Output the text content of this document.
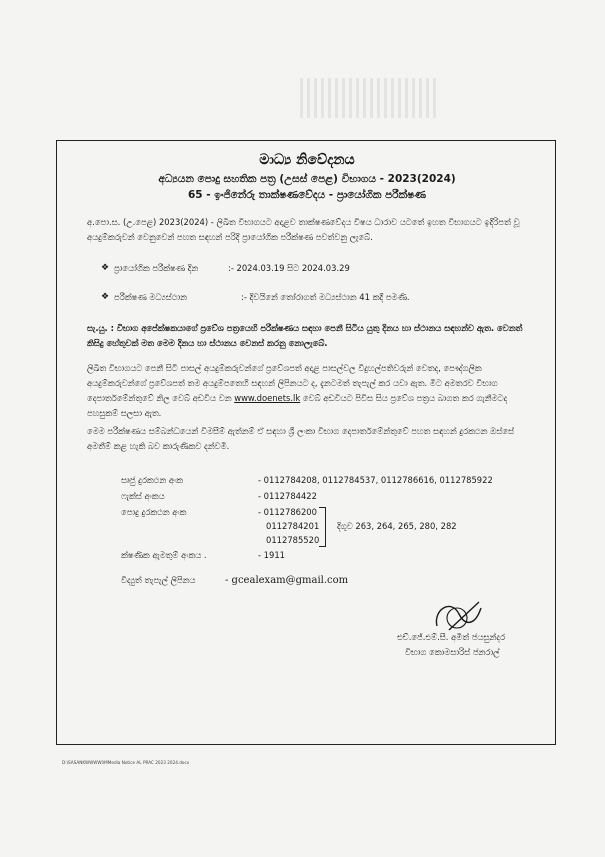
මාධ්‍ය නිවේදනය
අධ්‍යයන පොදු සහතික පත්‍ර (උසස් පෙළ) විභාගය - 2023(2024)
65 - ඉංජිනේරු තාක්ෂණවේදය - ප්‍රායෝගික පරීක්ෂණ
අ.පො.ස. (උ.පෙළ) 2023(2024) - ලිඛිත විභාගයට අදාළව තාක්ෂණවේදය විෂය ධාරාව යටතේ ඉහත විභාගයට ඉදිරිපත් වූ අයදුම්කරුවන් වෙනුවෙන් පහත සඳහන් පරිදි ප්‍රායෝගික පරීක්ෂණ පවත්වනු ලැබේ.
❖ ප්‍රායෝගික පරීක්ෂණ දින	:- 2024.03.19 සිට 2024.03.29
❖ පරීක්ෂණ මධ්‍යස්ථාන	:- දිවයිනේ තෝරාගත් මධ්‍යස්ථාන 41 කදී පමණි.
සැ.යු. : විභාග අපේක්ෂකයාගේ ප්‍රවේශ පත්‍රයෙහි පරීක්ෂණය සඳහා පෙනී සිටිය යුතු දිනය හා ස්ථානය සඳහන්ව ඇත. වෙනත් කිසිදු හේතුවක් මත මෙම දිනය හා ස්ථානය වෙනස් කරනු නොලැබේ.
ලිඛිත විභාගයට පෙනී සිටි පාසල් අයදුම්කරුවන්ගේ ප්‍රවේශපත් අදාළ පාසල්වල විදුහල්පතිවරුන් වෙතද, පෞද්ගලික අයදුම්කරුවන්ගේ ප්‍රවේශපත් තම අයදුම්පතෙහි සඳහන් ලිපිනයට ද, දැනටමත් තැපැල් කර යවා ඇත. මීට අමතරව විභාග දෙපාර්තමේන්තුවේ නිල වෙබ් අඩවිය වන www.doenets.lk වෙබ් අඩවියට පිවිස සිය ප්‍රවේශ පත්‍රය බාගත කර ගැනීමටද පහසුකම් සලසා ඇත.
මෙම පරීක්ෂණය සම්බන්ධයෙන් විමසීම් ඇත්නම් ඒ සඳහා ශ්‍රී ලංකා විභාග දෙපාර්තමේන්තුවේ පහත සඳහන් දුරකථන ඔස්සේ අමතීම් කළ හැකි බව කාරුණිකව දන්වමි.
සෘජු දුරකථන අංක	- 0112784208, 0112784537, 0112786616, 0112785922
ෆැක්ස් අංකය	- 0112784422
පොදු දුරකථන අංක	- 0112786200
0112784201
0112785520
දිගුව 263, 264, 265, 280, 282
ක්ෂණික ඇමතුම් අංකය .	- 1911
විද්‍යුත් තැපැල් ලිපිනය	- gcealexam@gmail.com
එච්.ජේ.එම්.සී. අමිත් ජයසුන්දර
විභාග කොමසාරිස් ජනරාල්
D:\SASANKWWWWI\MMedia Notice AL PRAC 2023 2024.docx
